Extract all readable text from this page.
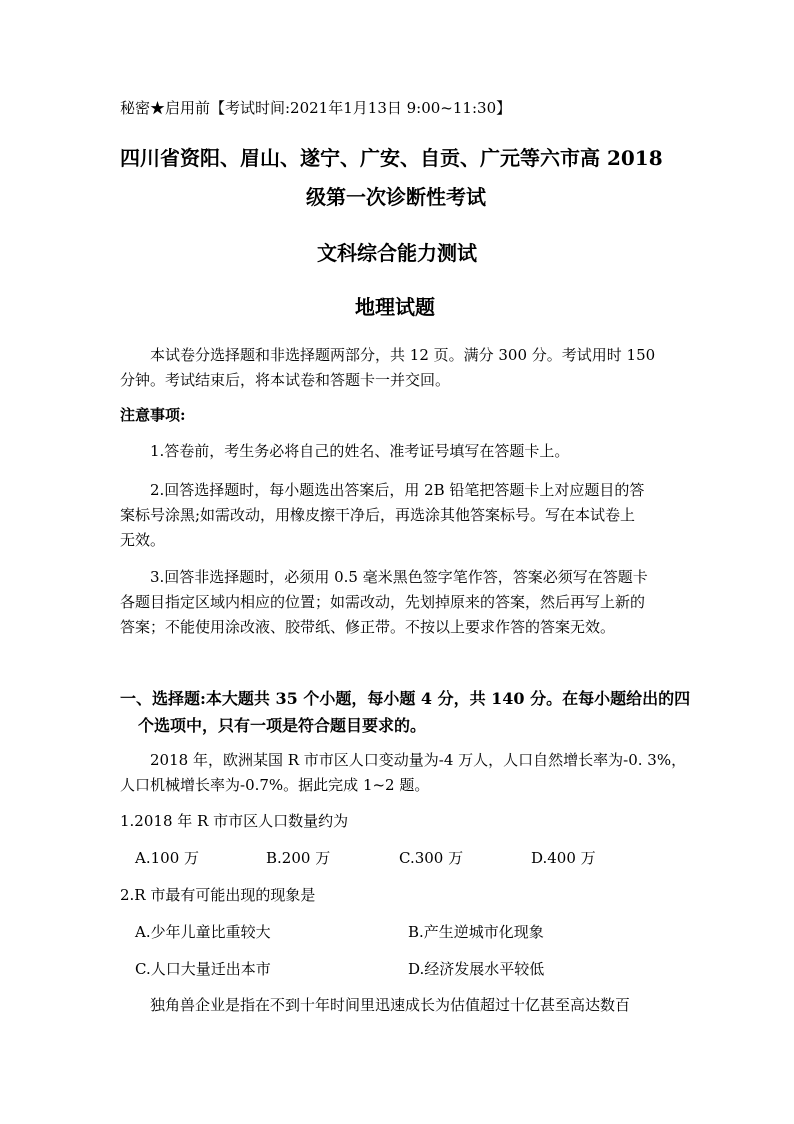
秘密★启用前【考试时间:2021年1月13日 9:00~11:30】
四川省资阳、眉山、遂宁、广安、自贡、广元等六市高 2018
级第一次诊断性考试
文科综合能力测试
地理试题
本试卷分选择题和非选择题两部分，共 12 页。满分 300 分。考试用时 150
分钟。考试结束后，将本试卷和答题卡一并交回。
注意事项:
1.答卷前，考生务必将自己的姓名、准考证号填写在答题卡上。
2.回答选择题时，每小题选出答案后，用 2B 铅笔把答题卡上对应题目的答
案标号涂黑;如需改动，用橡皮擦干净后，再选涂其他答案标号。写在本试卷上
无效。
3.回答非选择题时，必须用 0.5 毫米黑色签字笔作答，答案必须写在答题卡
各题目指定区域内相应的位置；如需改动，先划掉原来的答案，然后再写上新的
答案；不能使用涂改液、胶带纸、修正带。不按以上要求作答的答案无效。
一、选择题:本大题共 35 个小题，每小题 4 分，共 140 分。在每小题给出的四
个选项中，只有一项是符合题目要求的。
2018 年，欧洲某国 R 市市区人口变动量为-4 万人，人口自然增长率为-0. 3%，
人口机械增长率为-0.7%。据此完成 1~2 题。
1.2018 年 R 市市区人口数量约为
A.100 万	B.200 万	C.300 万	D.400 万
2.R 市最有可能出现的现象是
A.少年儿童比重较大	B.产生逆城市化现象
C.人口大量迁出本市	D.经济发展水平较低
独角兽企业是指在不到十年时间里迅速成长为估值超过十亿甚至高达数百
